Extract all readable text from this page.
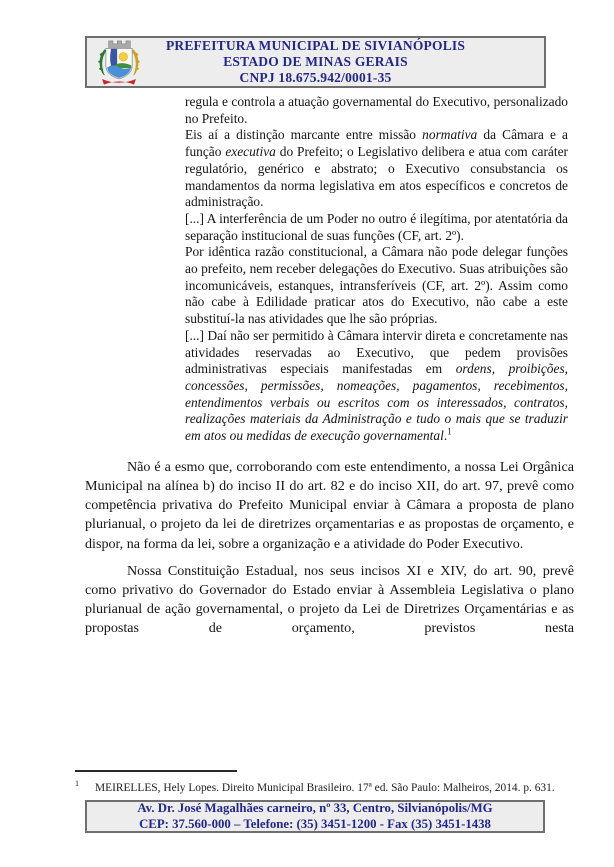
PREFEITURA MUNICIPAL DE SIVIANÓPOLIS
ESTADO DE MINAS GERAIS
CNPJ 18.675.942/0001-35

regula e controla a atuação governamental do Executivo, personalizado no Prefeito.

Eis aí a distinção marcante entre missão normativa da Câmara e a função executiva do Prefeito; o Legislativo delibera e atua com caráter regulatório, genérico e abstrato; o Executivo consubstancia os mandamentos da norma legislativa em atos específicos e concretos de administração.

[...] A interferência de um Poder no outro é ilegítima, por atentatória da separação institucional de suas funções (CF, art. 2º).

Por idêntica razão constitucional, a Câmara não pode delegar funções ao prefeito, nem receber delegações do Executivo. Suas atribuições são incomunicáveis, estanques, intransferíveis (CF, art. 2º). Assim como não cabe à Edilidade praticar atos do Executivo, não cabe a este substituí-la nas atividades que lhe são próprias.

[...] Daí não ser permitido à Câmara intervir direta e concretamente nas atividades reservadas ao Executivo, que pedem provisões administrativas especiais manifestadas em ordens, proibições, concessões, permissões, nomeações, pagamentos, recebimentos, entendimentos verbais ou escritos com os interessados, contratos, realizações materiais da Administração e tudo o mais que se traduzir em atos ou medidas de execução governamental.$^1$

Não é a esmo que, corroborando com este entendimento, a nossa Lei Orgânica Municipal na alínea b) do inciso II do art. 82 e do inciso XII, do art. 97, prevê como competência privativa do Prefeito Municipal enviar à Câmara a proposta de plano plurianual, o projeto da lei de diretrizes orçamentarias e as propostas de orçamento, e dispor, na forma da lei, sobre a organização e a atividade do Poder Executivo.

Nossa Constituição Estadual, nos seus incisos XI e XIV, do art. 90, prevê como privativo do Governador do Estado enviar à Assembleia Legislativa o plano plurianual de ação governamental, o projeto da Lei de Diretrizes Orçamentárias e as propostas de orçamento, previstos nesta

$^1$ MEIRELLES, Hely Lopes. Direito Municipal Brasileiro. 17ª ed. São Paulo: Malheiros, 2014. p. 631.
Av. Dr. José Magalhães carneiro, nº 33, Centro, Silvianópolis/MG
CEP: 37.560-000 – Telefone: (35) 3451-1200 - Fax (35) 3451-1438
